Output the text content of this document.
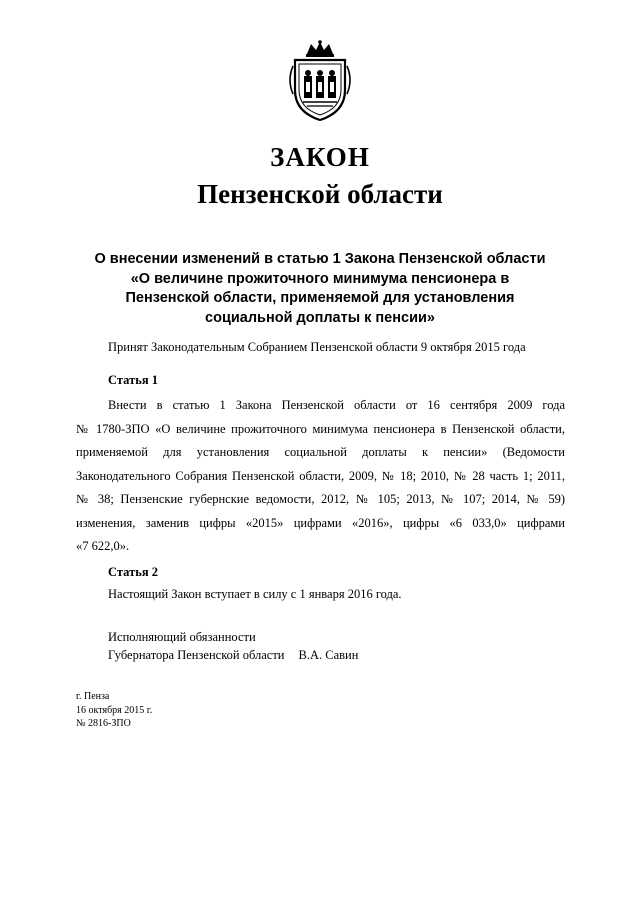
ЗАКОН
Пензенской области
О внесении изменений в статью 1 Закона Пензенской области
«О величине прожиточного минимума пенсионера в
Пензенской области, применяемой для установления
социальной доплаты к пенсии»
Принят Законодательным Собранием Пензенской области 9 октября 2015 года
Статья 1
Внести в статью 1 Закона Пензенской области от 16 сентября 2009 года
№ 1780-ЗПО «О величине прожиточного минимума пенсионера в Пензенской области,
применяемой для установления социальной доплаты к пенсии» (Ведомости
Законодательного Собрания Пензенской области, 2009, № 18; 2010, № 28 часть 1; 2011,
№ 38; Пензенские губернские ведомости, 2012, № 105; 2013, № 107; 2014, № 59)
изменения, заменив цифры «2015» цифрами «2016», цифры «6 033,0» цифрами
«7 622,0».
Статья 2
Настоящий Закон вступает в силу с 1 января 2016 года.
Исполняющий обязанности
Губернатора Пензенской области В.А. Савин
г. Пенза
16 октября 2015 г.
№ 2816-ЗПО
